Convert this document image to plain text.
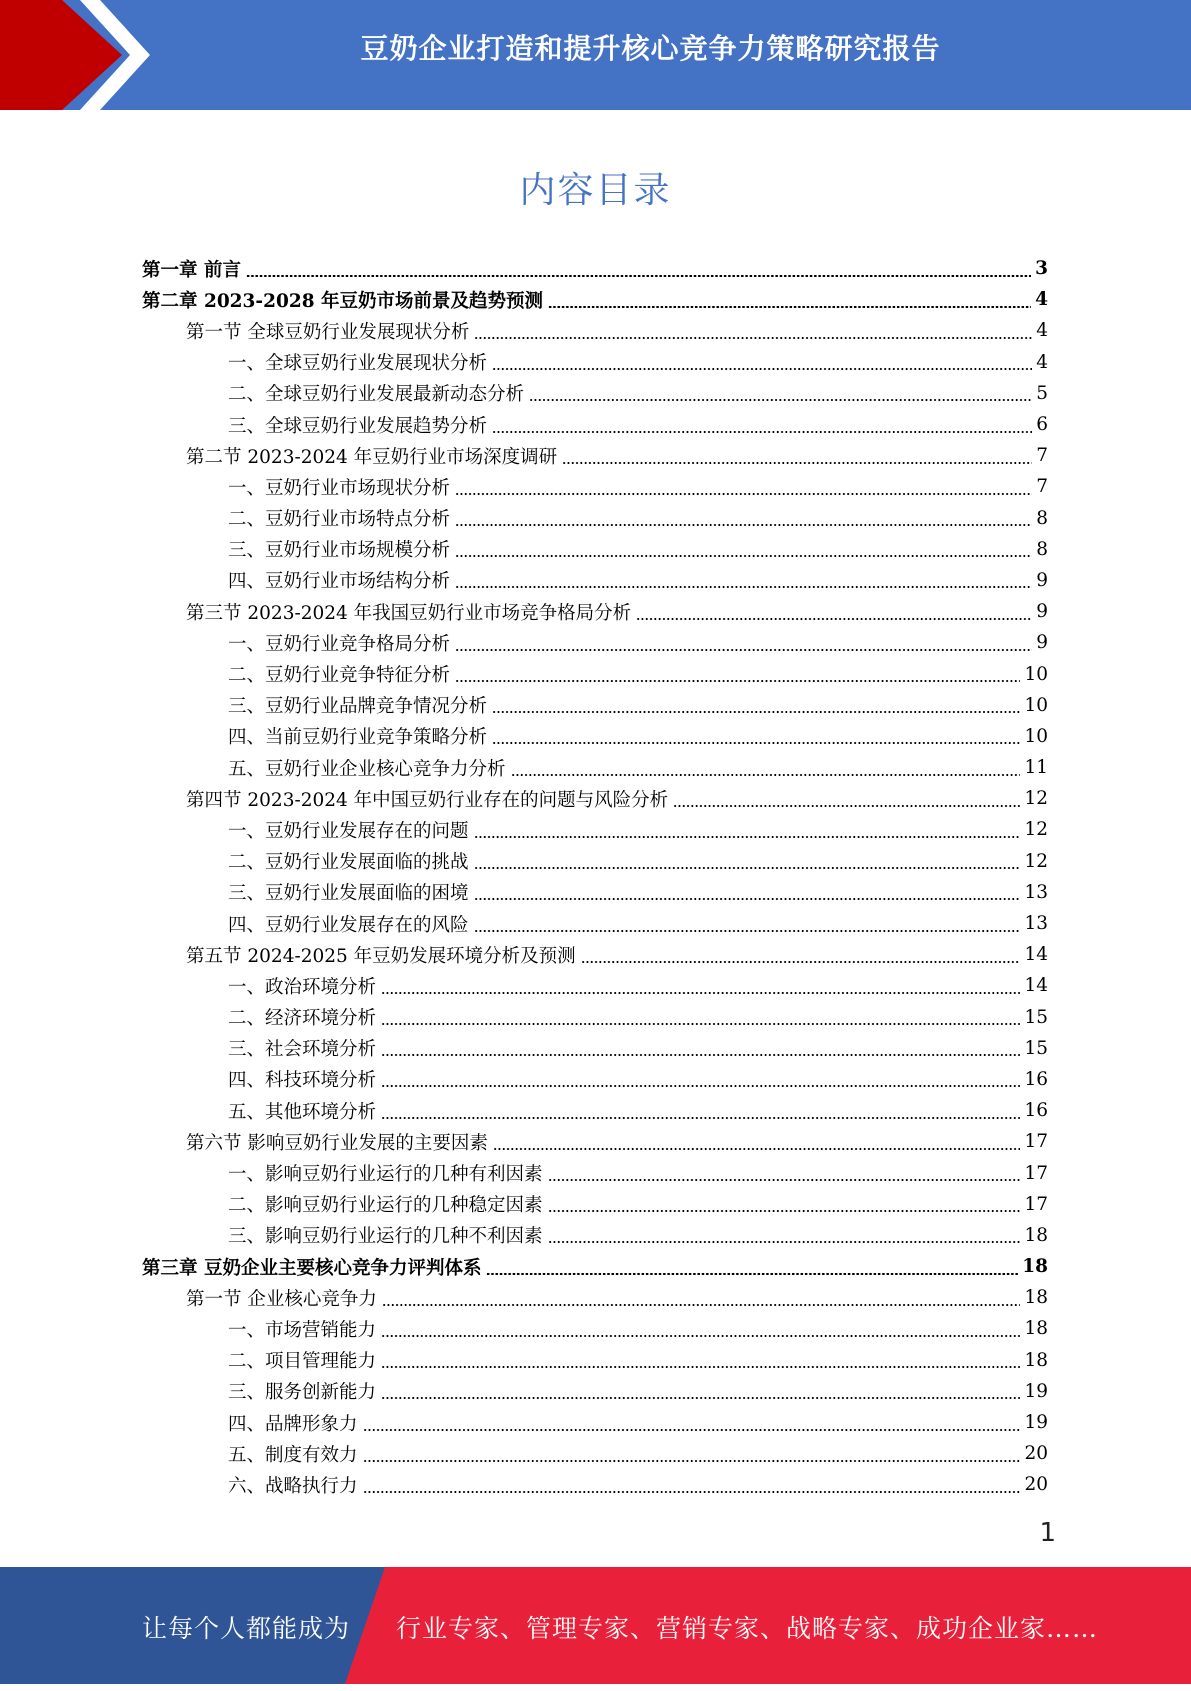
豆奶企业打造和提升核心竞争力策略研究报告
内容目录
第一章 前言	3
第二章 2023-2028 年豆奶市场前景及趋势预测	4
第一节 全球豆奶行业发展现状分析	4
一、全球豆奶行业发展现状分析	4
二、全球豆奶行业发展最新动态分析	5
三、全球豆奶行业发展趋势分析	6
第二节 2023-2024 年豆奶行业市场深度调研	7
一、豆奶行业市场现状分析	7
二、豆奶行业市场特点分析	8
三、豆奶行业市场规模分析	8
四、豆奶行业市场结构分析	9
第三节 2023-2024 年我国豆奶行业市场竞争格局分析	9
一、豆奶行业竞争格局分析	9
二、豆奶行业竞争特征分析	10
三、豆奶行业品牌竞争情况分析	10
四、当前豆奶行业竞争策略分析	10
五、豆奶行业企业核心竞争力分析	11
第四节 2023-2024 年中国豆奶行业存在的问题与风险分析	12
一、豆奶行业发展存在的问题	12
二、豆奶行业发展面临的挑战	12
三、豆奶行业发展面临的困境	13
四、豆奶行业发展存在的风险	13
第五节 2024-2025 年豆奶发展环境分析及预测	14
一、政治环境分析	14
二、经济环境分析	15
三、社会环境分析	15
四、科技环境分析	16
五、其他环境分析	16
第六节 影响豆奶行业发展的主要因素	17
一、影响豆奶行业运行的几种有利因素	17
二、影响豆奶行业运行的几种稳定因素	17
三、影响豆奶行业运行的几种不利因素	18
第三章 豆奶企业主要核心竞争力评判体系	18
第一节 企业核心竞争力	18
一、市场营销能力	18
二、项目管理能力	18
三、服务创新能力	19
四、品牌形象力	19
五、制度有效力	20
六、战略执行力	20
1
让每个人都能成为 行业专家、管理专家、营销专家、战略专家、成功企业家……
